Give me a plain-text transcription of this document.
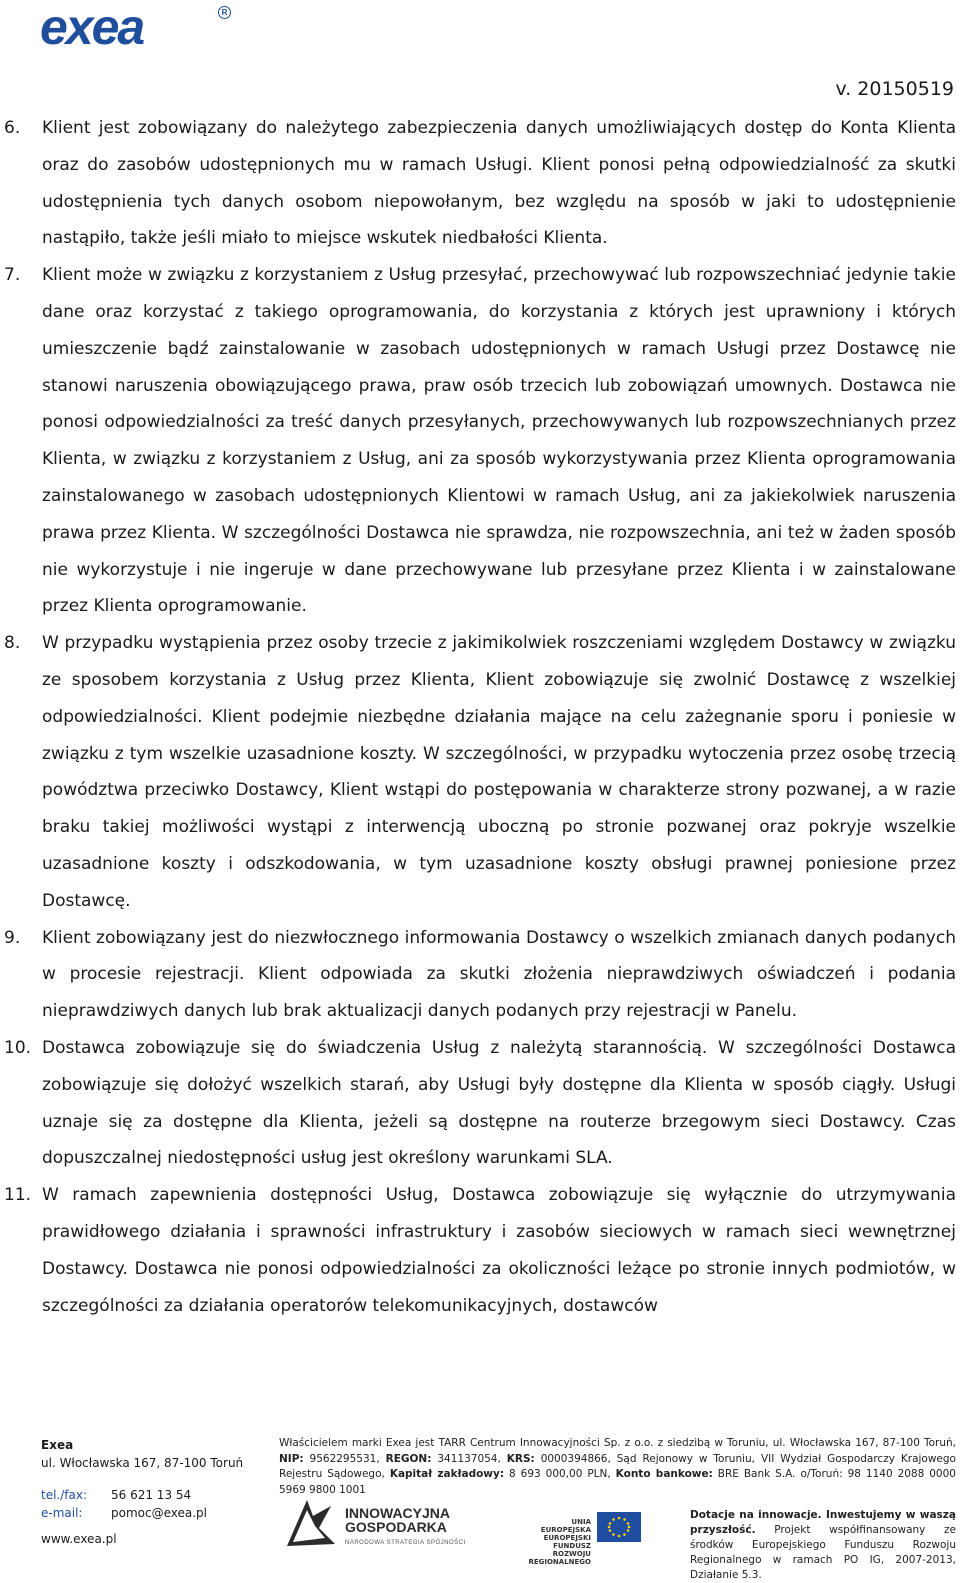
exea	R
v. 20150519
6. Klient jest zobowiązany do należytego zabezpieczenia danych umożliwiających dostęp do Konta Klienta oraz do zasobów udostępnionych mu w ramach Usługi. Klient ponosi pełną odpowiedzialność za skutki udostępnienia tych danych osobom niepowołanym, bez względu na sposób w jaki to udostępnienie nastąpiło, także jeśli miało to miejsce wskutek niedbałości Klienta.

7. Klient może w związku z korzystaniem z Usług przesyłać, przechowywać lub rozpowszechniać jedynie takie dane oraz korzystać z takiego oprogramowania, do korzystania z których jest uprawniony i których umieszczenie bądź zainstalowanie w zasobach udostępnionych w ramach Usługi przez Dostawcę nie stanowi naruszenia obowiązującego prawa, praw osób trzecich lub zobowiązań umownych. Dostawca nie ponosi odpowiedzialności za treść danych przesyłanych, przechowywanych lub rozpowszechnianych przez Klienta, w związku z korzystaniem z Usług, ani za sposób wykorzystywania przez Klienta oprogramowania zainstalowanego w zasobach udostępnionych Klientowi w ramach Usług, ani za jakiekolwiek naruszenia prawa przez Klienta. W szczególności Dostawca nie sprawdza, nie rozpowszechnia, ani też w żaden sposób nie wykorzystuje i nie ingeruje w dane przechowywane lub przesyłane przez Klienta i w zainstalowane przez Klienta oprogramowanie.

8. W przypadku wystąpienia przez osoby trzecie z jakimikolwiek roszczeniami względem Dostawcy w związku ze sposobem korzystania z Usług przez Klienta, Klient zobowiązuje się zwolnić Dostawcę z wszelkiej odpowiedzialności. Klient podejmie niezbędne działania mające na celu zażegnanie sporu i poniesie w związku z tym wszelkie uzasadnione koszty. W szczególności, w przypadku wytoczenia przez osobę trzecią powództwa przeciwko Dostawcy, Klient wstąpi do postępowania w charakterze strony pozwanej, a w razie braku takiej możliwości wystąpi z interwencją uboczną po stronie pozwanej oraz pokryje wszelkie uzasadnione koszty i odszkodowania, w tym uzasadnione koszty obsługi prawnej poniesione przez Dostawcę.

9. Klient zobowiązany jest do niezwłocznego informowania Dostawcy o wszelkich zmianach danych podanych w procesie rejestracji. Klient odpowiada za skutki złożenia nieprawdziwych oświadczeń i podania nieprawdziwych danych lub brak aktualizacji danych podanych przy rejestracji w Panelu.

10. Dostawca zobowiązuje się do świadczenia Usług z należytą starannością. W szczególności Dostawca zobowiązuje się dołożyć wszelkich starań, aby Usługi były dostępne dla Klienta w sposób ciągły. Usługi uznaje się za dostępne dla Klienta, jeżeli są dostępne na routerze brzegowym sieci Dostawcy. Czas dopuszczalnej niedostępności usług jest określony warunkami SLA.

11. W ramach zapewnienia dostępności Usług, Dostawca zobowiązuje się wyłącznie do utrzymywania prawidłowego działania i sprawności infrastruktury i zasobów sieciowych w ramach sieci wewnętrznej Dostawcy. Dostawca nie ponosi odpowiedzialności za okoliczności leżące po stronie innych podmiotów, w szczególności za działania operatorów telekomunikacyjnych, dostawców

Exea
ul. Włocławska 167, 87-100 Toruń
tel./fax: 56 621 13 54
e-mail: pomoc@exea.pl
www.exea.pl
Właścicielem marki Exea jest TARR Centrum Innowacyjności Sp. z o.o. z siedzibą w Toruniu, ul. Włocławska 167, 87-100 Toruń, NIP: 9562295531, REGON: 341137054, KRS: 0000394866, Sąd Rejonowy w Toruniu, VII Wydział Gospodarczy Krajowego Rejestru Sądowego, Kapitał zakładowy: 8 693 000,00 PLN, Konto bankowe: BRE Bank S.A. o/Toruń: 98 1140 2088 0000 5969 9800 1001
INNOWACYJNA
GOSPODARKA
NARODOWA STRATEGIA SPÓJNOŚCI
UNIA EUROPEJSKA EUROPEJSKI FUNDUSZ ROZWOJU REGIONALNEGO
Dotacje na innowacje. Inwestujemy w waszą przyszłość. Projekt współfinansowany ze środków Europejskiego Funduszu Rozwoju Regionalnego w ramach PO IG, 2007-2013, Działanie 5.3.
